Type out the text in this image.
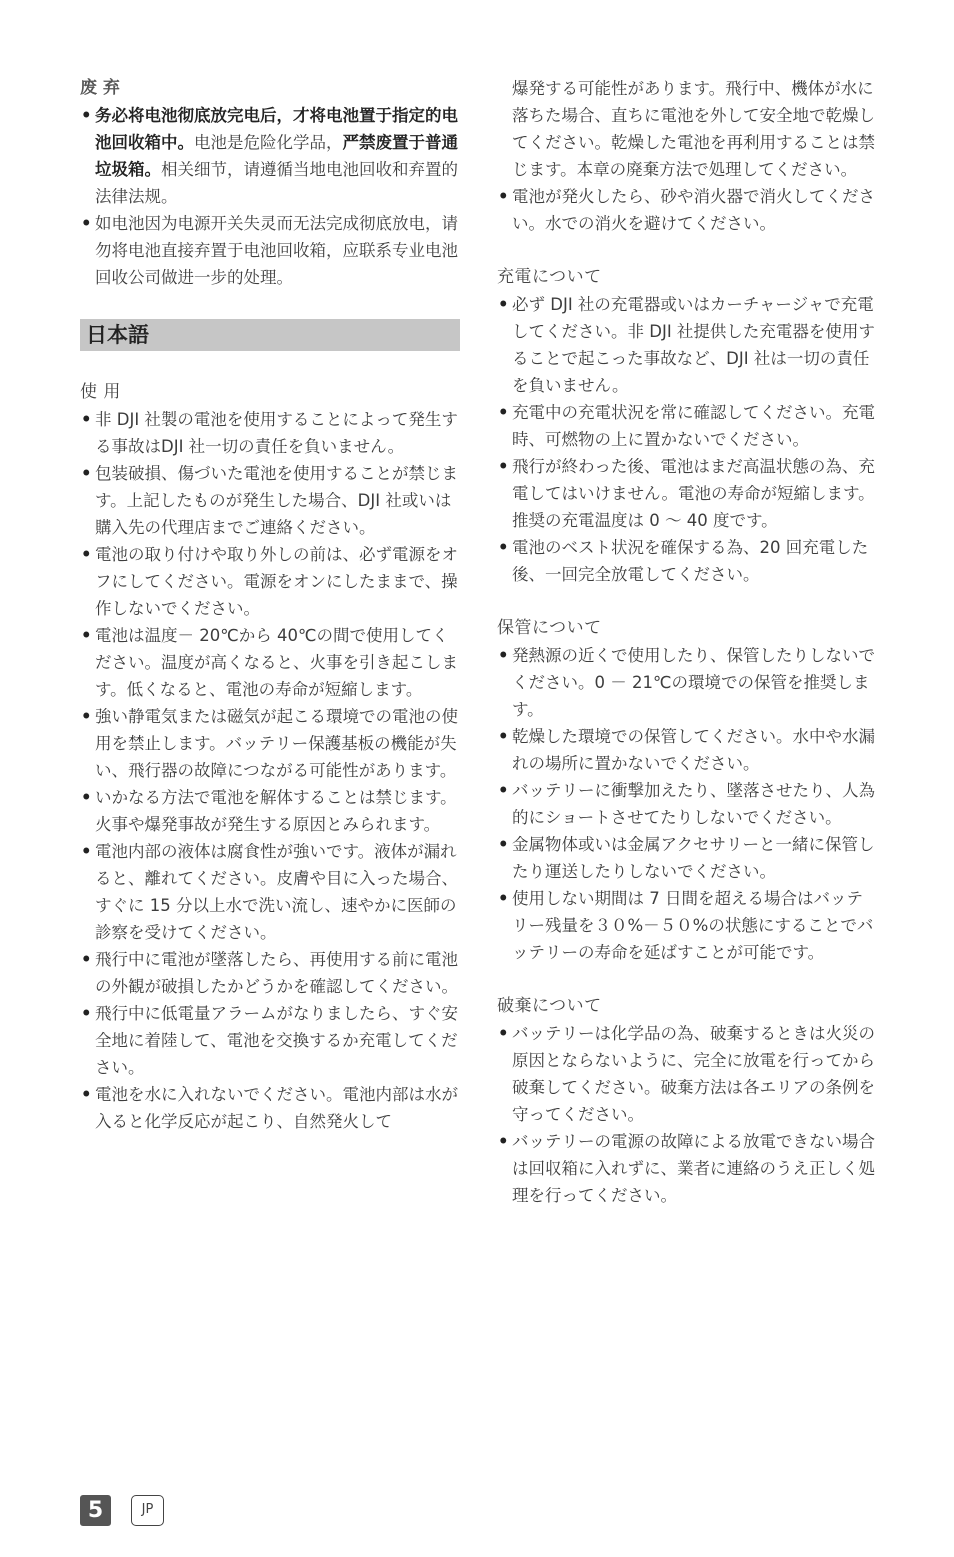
废 弃
• 务必将电池彻底放完电后，才将电池置于指定的电池回收箱中。电池是危险化学品，严禁废置于普通垃圾箱。相关细节，请遵循当地电池回收和弃置的法律法规。
• 如电池因为电源开关失灵而无法完成彻底放电，请勿将电池直接弃置于电池回收箱，应联系专业电池回收公司做进一步的处理。
日本語
使 用
• 非 DJI 社製の電池を使用することによって発生する事故はDJI 社一切の責任を負いません。
• 包装破損、傷づいた電池を使用することが禁じます。上記したものが発生した場合、DJI 社或いは購入先の代理店までご連絡ください。
• 電池の取り付けや取り外しの前は、必ず電源をオフにしてください。電源をオンにしたままで、操作しないでください。
• 電池は温度－ 20℃から 40℃の間で使用してください。温度が高くなると、火事を引き起こします。低くなると、電池の寿命が短縮します。
• 強い静電気または磁気が起こる環境での電池の使用を禁止します。バッテリー保護基板の機能が失い、飛行器の故障につながる可能性があります。
• いかなる方法で電池を解体することは禁じます。火事や爆発事故が発生する原因とみられます。
• 電池内部の液体は腐食性が強いです。液体が漏れると、離れてください。皮膚や目に入った場合、すぐに 15 分以上水で洗い流し、速やかに医師の診察を受けてください。
• 飛行中に電池が墜落したら、再使用する前に電池の外観が破損したかどうかを確認してください。
• 飛行中に低電量アラームがなりましたら、すぐ安全地に着陸して、電池を交換するか充電してください。
• 電池を水に入れないでください。電池内部は水が入ると化学反応が起こり、自然発火して
爆発する可能性があります。飛行中、機体が水に落ちた場合、直ちに電池を外して安全地で乾燥してください。乾燥した電池を再利用することは禁じます。本章の廃棄方法で処理してください。
• 電池が発火したら、砂や消火器で消火してください。水での消火を避けてください。
充電について
• 必ず DJI 社の充電器或いはカーチャージャで充電してください。非 DJI 社提供した充電器を使用することで起こった事故など、DJI 社は一切の責任を負いません。
• 充電中の充電状況を常に確認してください。充電時、可燃物の上に置かないでください。
• 飛行が終わった後、電池はまだ高温状態の為、充電してはいけません。電池の寿命が短縮します。推奨の充電温度は 0 ～ 40 度です。
• 電池のベスト状況を確保する為、20 回充電した後、一回完全放電してください。
保管について
• 発熱源の近くで使用したり、保管したりしないでください。0 － 21℃の環境での保管を推奨します。
• 乾燥した環境での保管してください。水中や水漏れの場所に置かないでください。
• バッテリーに衝撃加えたり、墜落させたり、人為的にショートさせてたりしないでください。
• 金属物体或いは金属アクセサリーと一緒に保管したり運送したりしないでください。
• 使用しない期間は 7 日間を超える場合はバッテリー残量を３０%－５０%の状態にすることでバッテリーの寿命を延ばすことが可能です。
破棄について
• バッテリーは化学品の為、破棄するときは火災の原因とならないように、完全に放電を行ってから破棄してください。破棄方法は各エリアの条例を守ってください。
• バッテリーの電源の故障による放電できない場合は回収箱に入れずに、業者に連絡のうえ正しく処理を行ってください。
5	JP
